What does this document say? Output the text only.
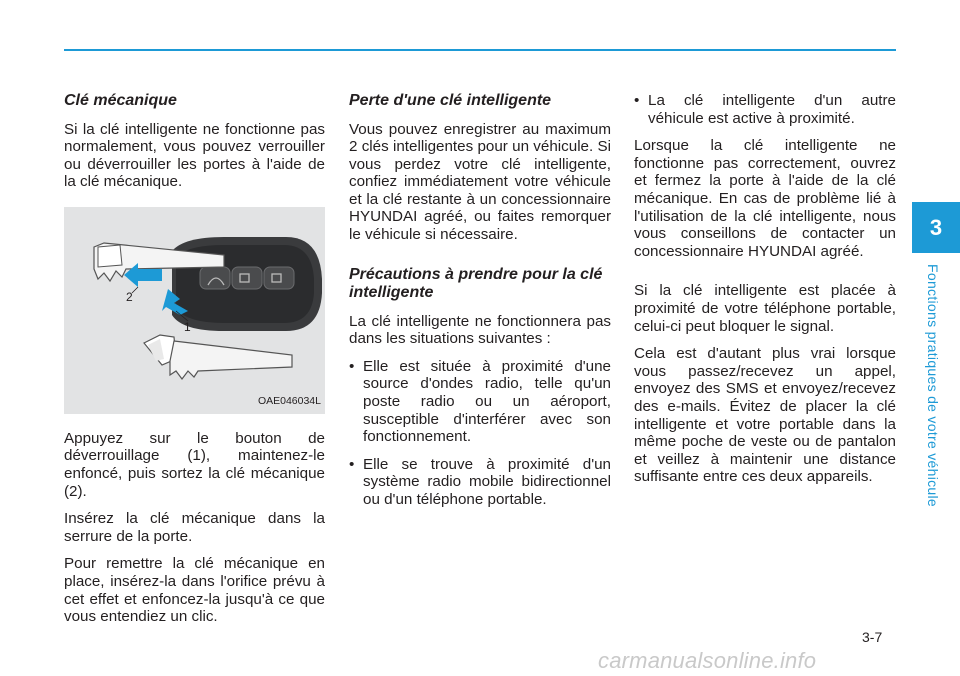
Clé mécanique

Si la clé intelligente ne fonctionne pas normalement, vous pouvez verrouiller ou déverrouiller les portes à l'aide de la clé mécanique.

2
1
OAE046034L

Appuyez sur le bouton de déverrouillage (1), maintenez-le enfoncé, puis sortez la clé mécanique (2).

Insérez la clé mécanique dans la serrure de la porte.

Pour remettre la clé mécanique en place, insérez-la dans l'orifice prévu à cet effet et enfoncez-la jusqu'à ce que vous entendiez un clic.

Perte d'une clé intelligente

Vous pouvez enregistrer au maximum 2 clés intelligentes pour un véhicule. Si vous perdez votre clé intelligente, confiez immédiatement votre véhicule et la clé restante à un concessionnaire HYUNDAI agréé, ou faites remorquer le véhicule si nécessaire.

Précautions à prendre pour la clé intelligente

La clé intelligente ne fonctionnera pas dans les situations suivantes :

• Elle est située à proximité d'une source d'ondes radio, telle qu'un poste radio ou un aéroport, susceptible d'interférer avec son fonctionnement.
• Elle se trouve à proximité d'un système radio mobile bidirectionnel ou d'un téléphone portable.
• La clé intelligente d'un autre véhicule est active à proximité.

Lorsque la clé intelligente ne fonctionne pas correctement, ouvrez et fermez la porte à l'aide de la clé mécanique. En cas de problème lié à l'utilisation de la clé intelligente, nous vous conseillons de contacter un concessionnaire HYUNDAI agréé.

Si la clé intelligente est placée à proximité de votre téléphone portable, celui-ci peut bloquer le signal.

Cela est d'autant plus vrai lorsque vous passez/recevez un appel, envoyez des SMS et envoyez/recevez des e-mails. Évitez de placer la clé intelligente et votre portable dans la même poche de veste ou de pantalon et veillez à maintenir une distance suffisante entre ces deux appareils.

3
Fonctions pratiques de votre véhicule
3-7
carmanualsonline.info
